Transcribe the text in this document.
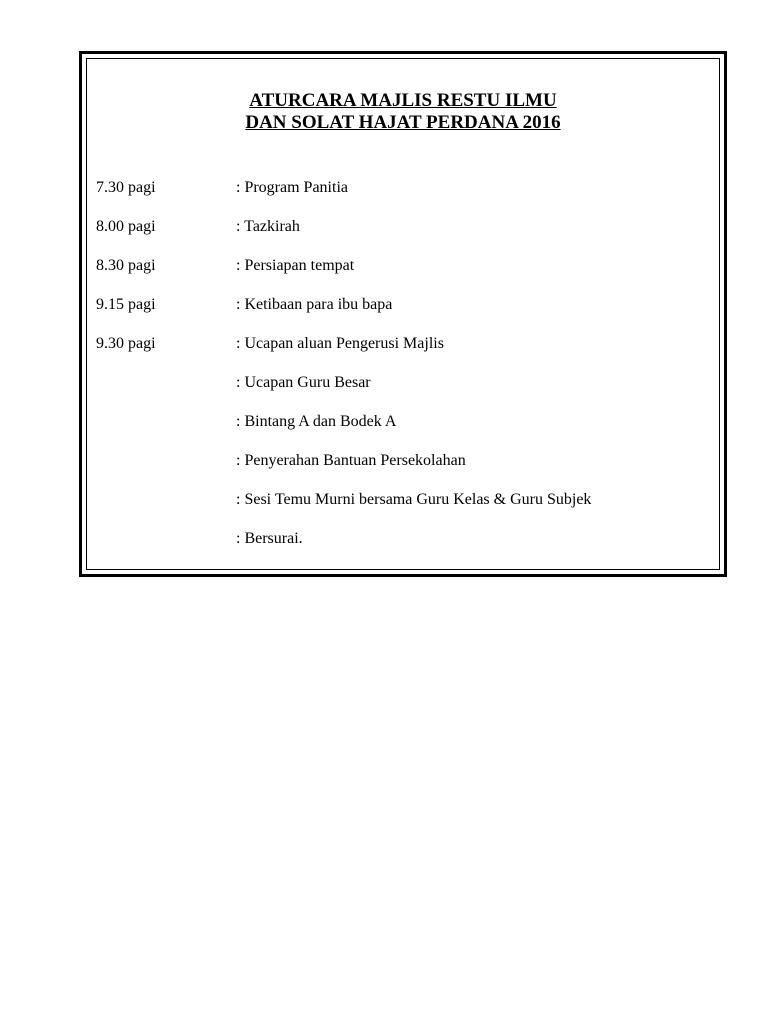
ATURCARA MAJLIS RESTU ILMU
DAN SOLAT HAJAT PERDANA 2016
7.30 pagi	: Program Panitia
8.00 pagi	: Tazkirah
8.30 pagi	: Persiapan tempat
9.15 pagi	: Ketibaan para ibu bapa
9.30 pagi	: Ucapan aluan Pengerusi Majlis
: Ucapan Guru Besar
: Bintang A dan Bodek A
: Penyerahan Bantuan Persekolahan
: Sesi Temu Murni bersama Guru Kelas & Guru Subjek
: Bersurai.
